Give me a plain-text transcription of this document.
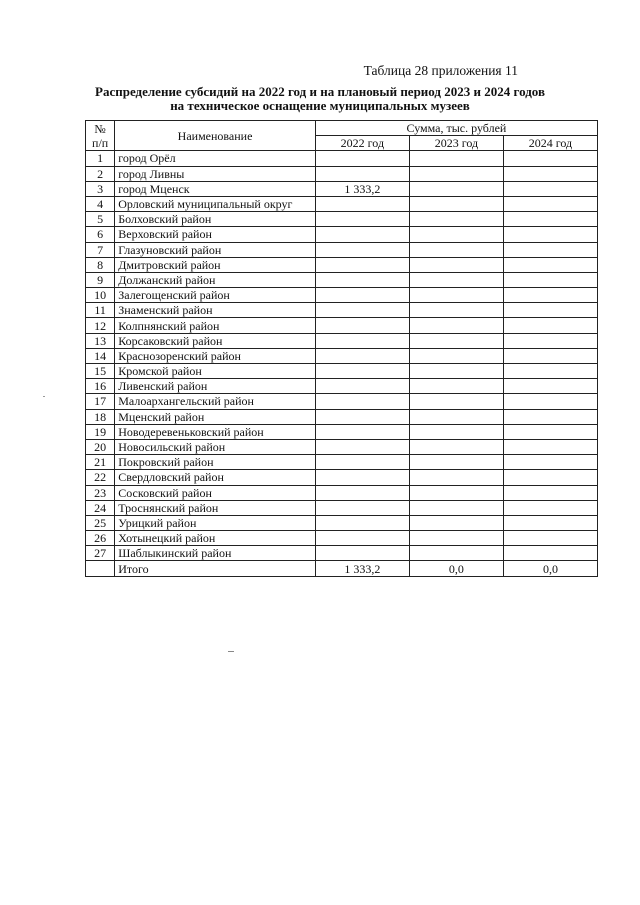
Таблица 28 приложения 11
Распределение субсидий на 2022 год и на плановый период 2023 и 2024 годов
на техническое оснащение муниципальных музеев
№
п/п	Наименование	Сумма, тыс. рублей		
		2022 год	2023 год	2024 год
1	город Орёл			
2	город Ливны			
3	город Мценск	1 333,2		
4	Орловский муниципальный округ			
5	Болховский район			
6	Верховский район			
7	Глазуновский район			
8	Дмитровский район			
9	Должанский район			
10	Залегощенский район			
11	Знаменский район			
12	Колпнянский район			
13	Корсаковский район			
14	Краснозоренский район			
15	Кромской район			
16	Ливенский район			
17	Малоархангельский район			
18	Мценский район			
19	Новодеревеньковский район			
20	Новосильский район			
21	Покровский район			
22	Свердловский район			
23	Сосковский район			
24	Троснянский район			
25	Урицкий район			
26	Хотынецкий район			
27	Шаблыкинский район			
	Итого	1 333,2	0,0	0,0
